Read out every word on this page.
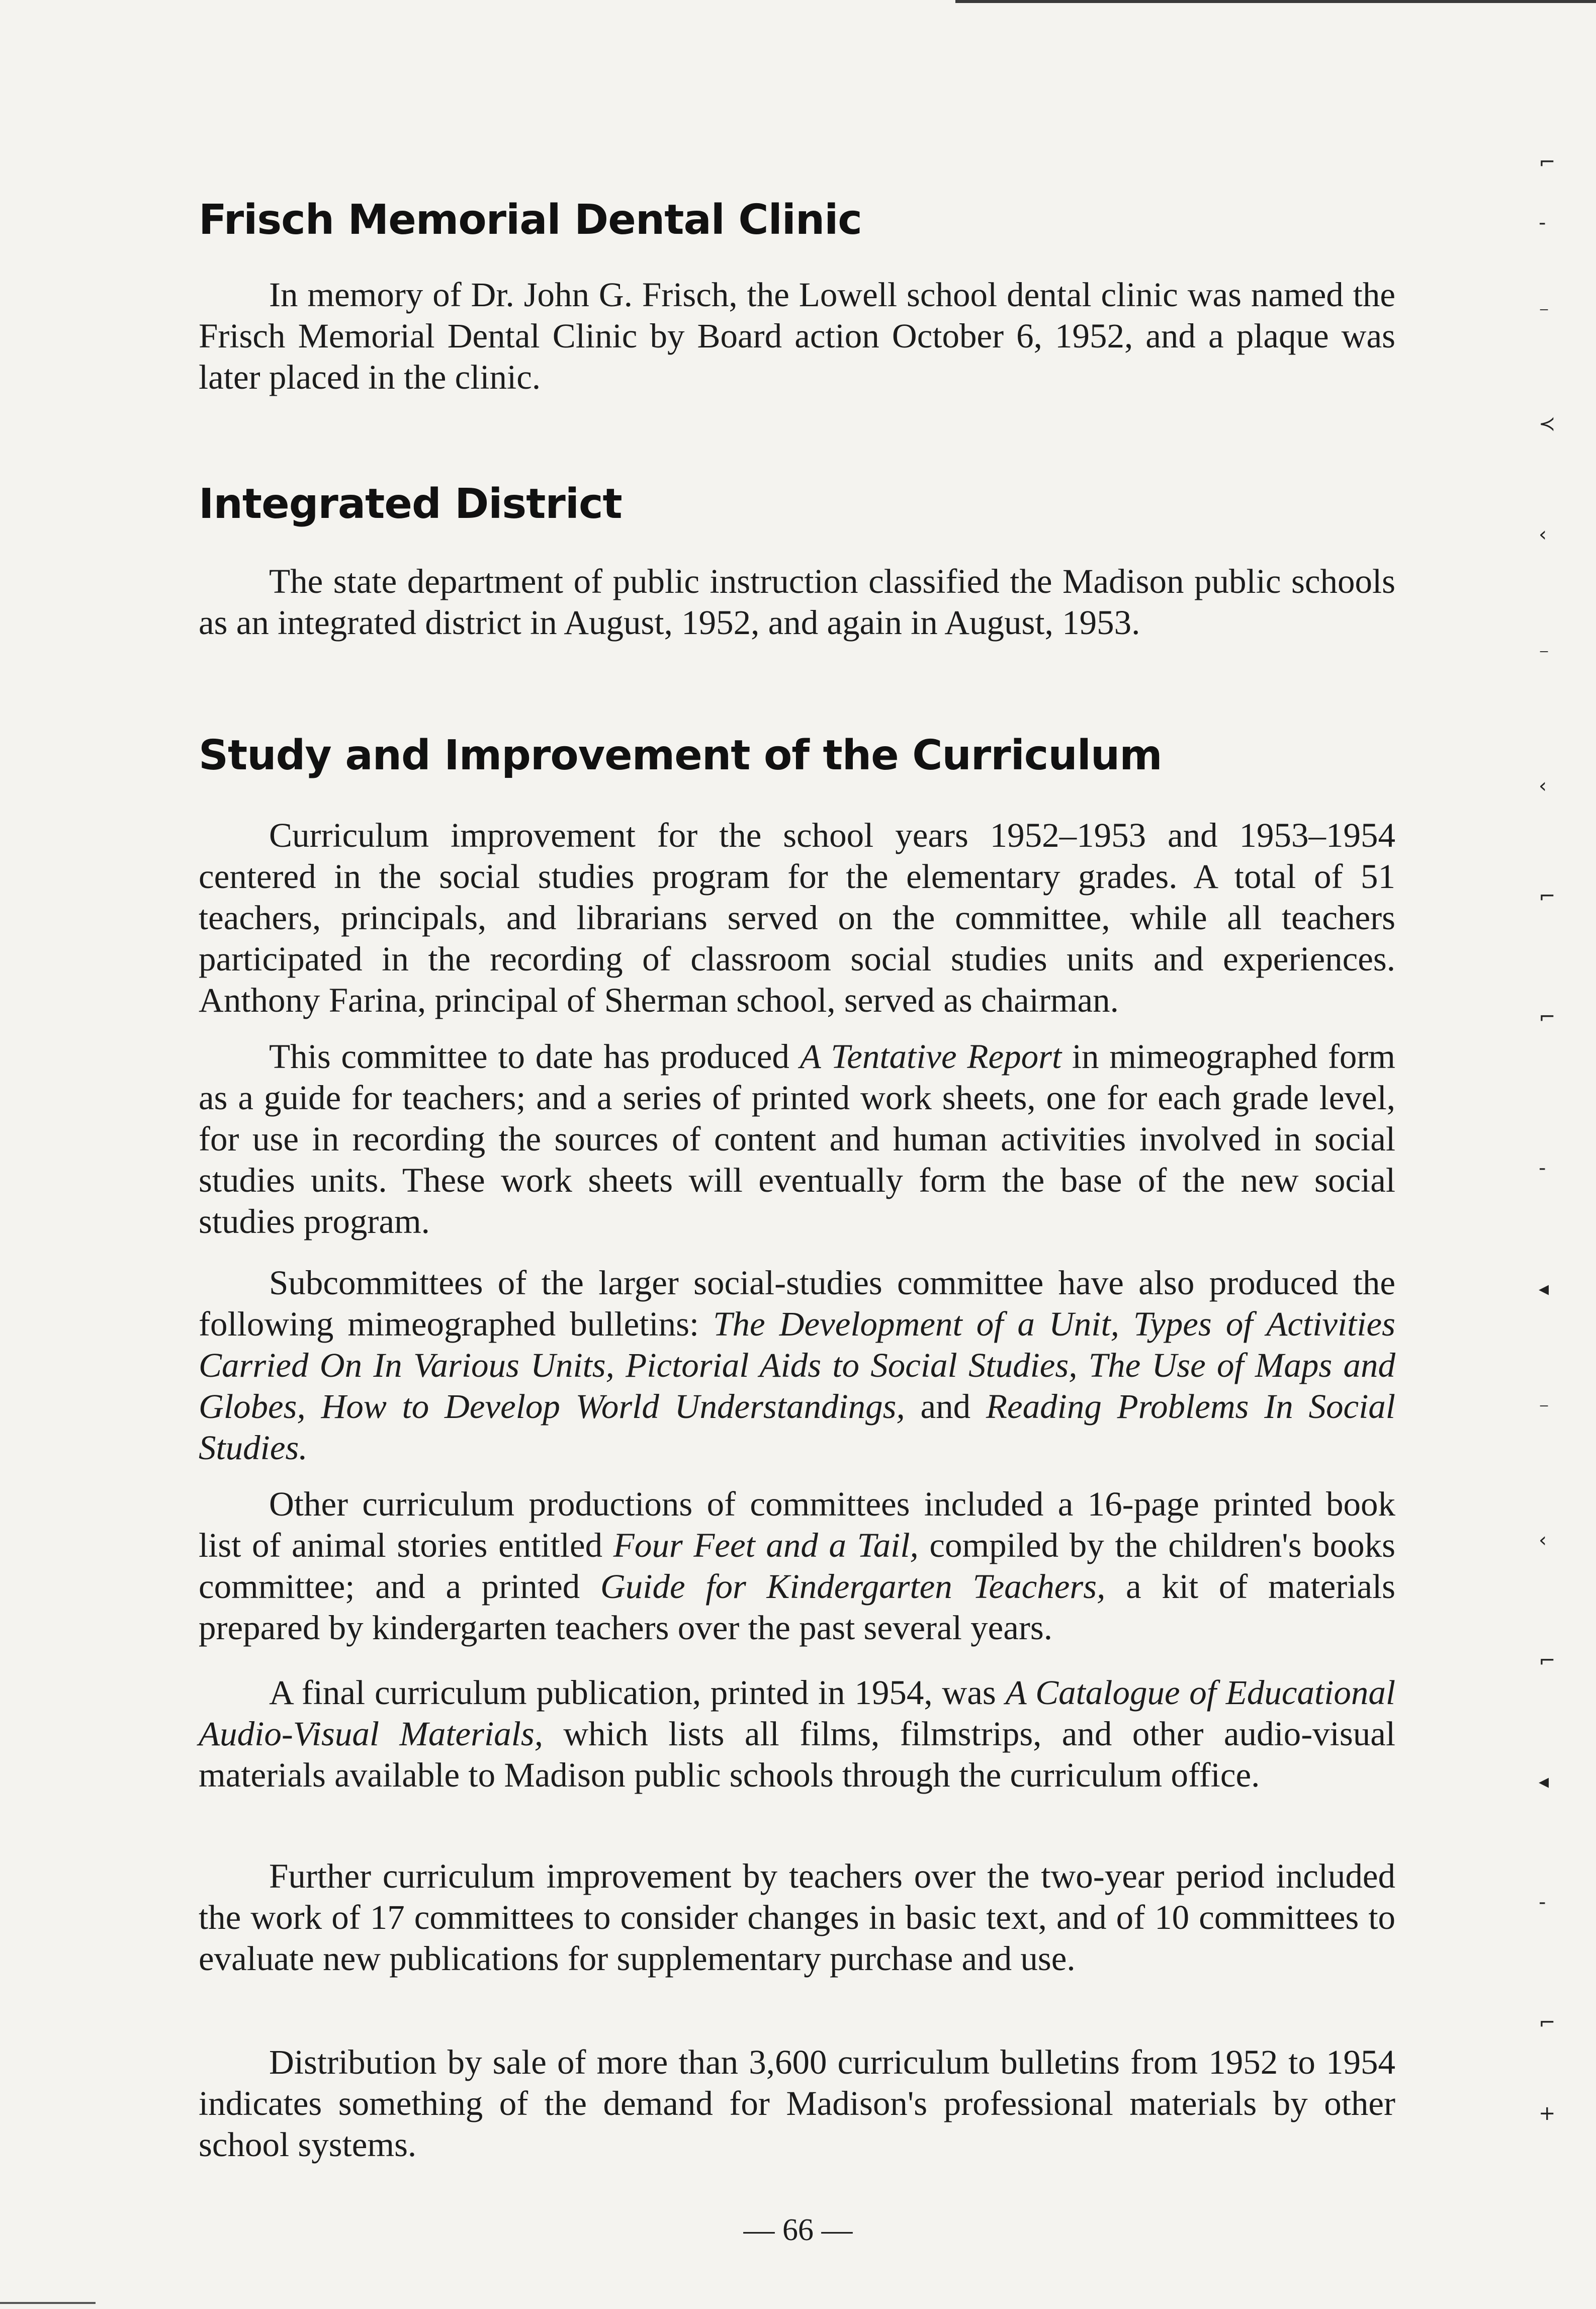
⌐
-
⁻
≺
‹
⁻
‹
⌐
⌐
-
◂
⁻
‹
⌐
◂
-
⌐
+
Frisch Memorial Dental Clinic

In memory of Dr. John G. Frisch, the Lowell school dental clinic was named the Frisch Memorial Dental Clinic by Board action October 6, 1952, and a plaque was later placed in the clinic.

Integrated District

The state department of public instruction classified the Madison public schools as an integrated district in August, 1952, and again in August, 1953.

Study and Improvement of the Curriculum

Curriculum improvement for the school years 1952–1953 and 1953–1954 centered in the social studies program for the elementary grades. A total of 51 teachers, principals, and librarians served on the committee, while all teachers participated in the recording of classroom social studies units and experiences. Anthony Farina, principal of Sherman school, served as chairman.

This committee to date has produced A Tentative Report in mimeographed form as a guide for teachers; and a series of printed work sheets, one for each grade level, for use in recording the sources of content and human activities involved in social studies units. These work sheets will eventually form the base of the new social studies program.

Subcommittees of the larger social-studies committee have also produced the following mimeographed bulletins: The Development of a Unit, Types of Activities Carried On In Various Units, Pictorial Aids to Social Studies, The Use of Maps and Globes, How to Develop World Understandings, and Reading Problems In Social Studies.

Other curriculum productions of committees included a 16-page printed book list of animal stories entitled Four Feet and a Tail, compiled by the children's books committee; and a printed Guide for Kindergarten Teachers, a kit of materials prepared by kindergarten teachers over the past several years.

A final curriculum publication, printed in 1954, was A Catalogue of Educational Audio-Visual Materials, which lists all films, filmstrips, and other audio-visual materials available to Madison public schools through the curriculum office.

Further curriculum improvement by teachers over the two-year period included the work of 17 committees to consider changes in basic text, and of 10 committees to evaluate new publications for supplementary purchase and use.

Distribution by sale of more than 3,600 curriculum bulletins from 1952 to 1954 indicates something of the demand for Madison's professional materials by other school systems.

— 66 —
